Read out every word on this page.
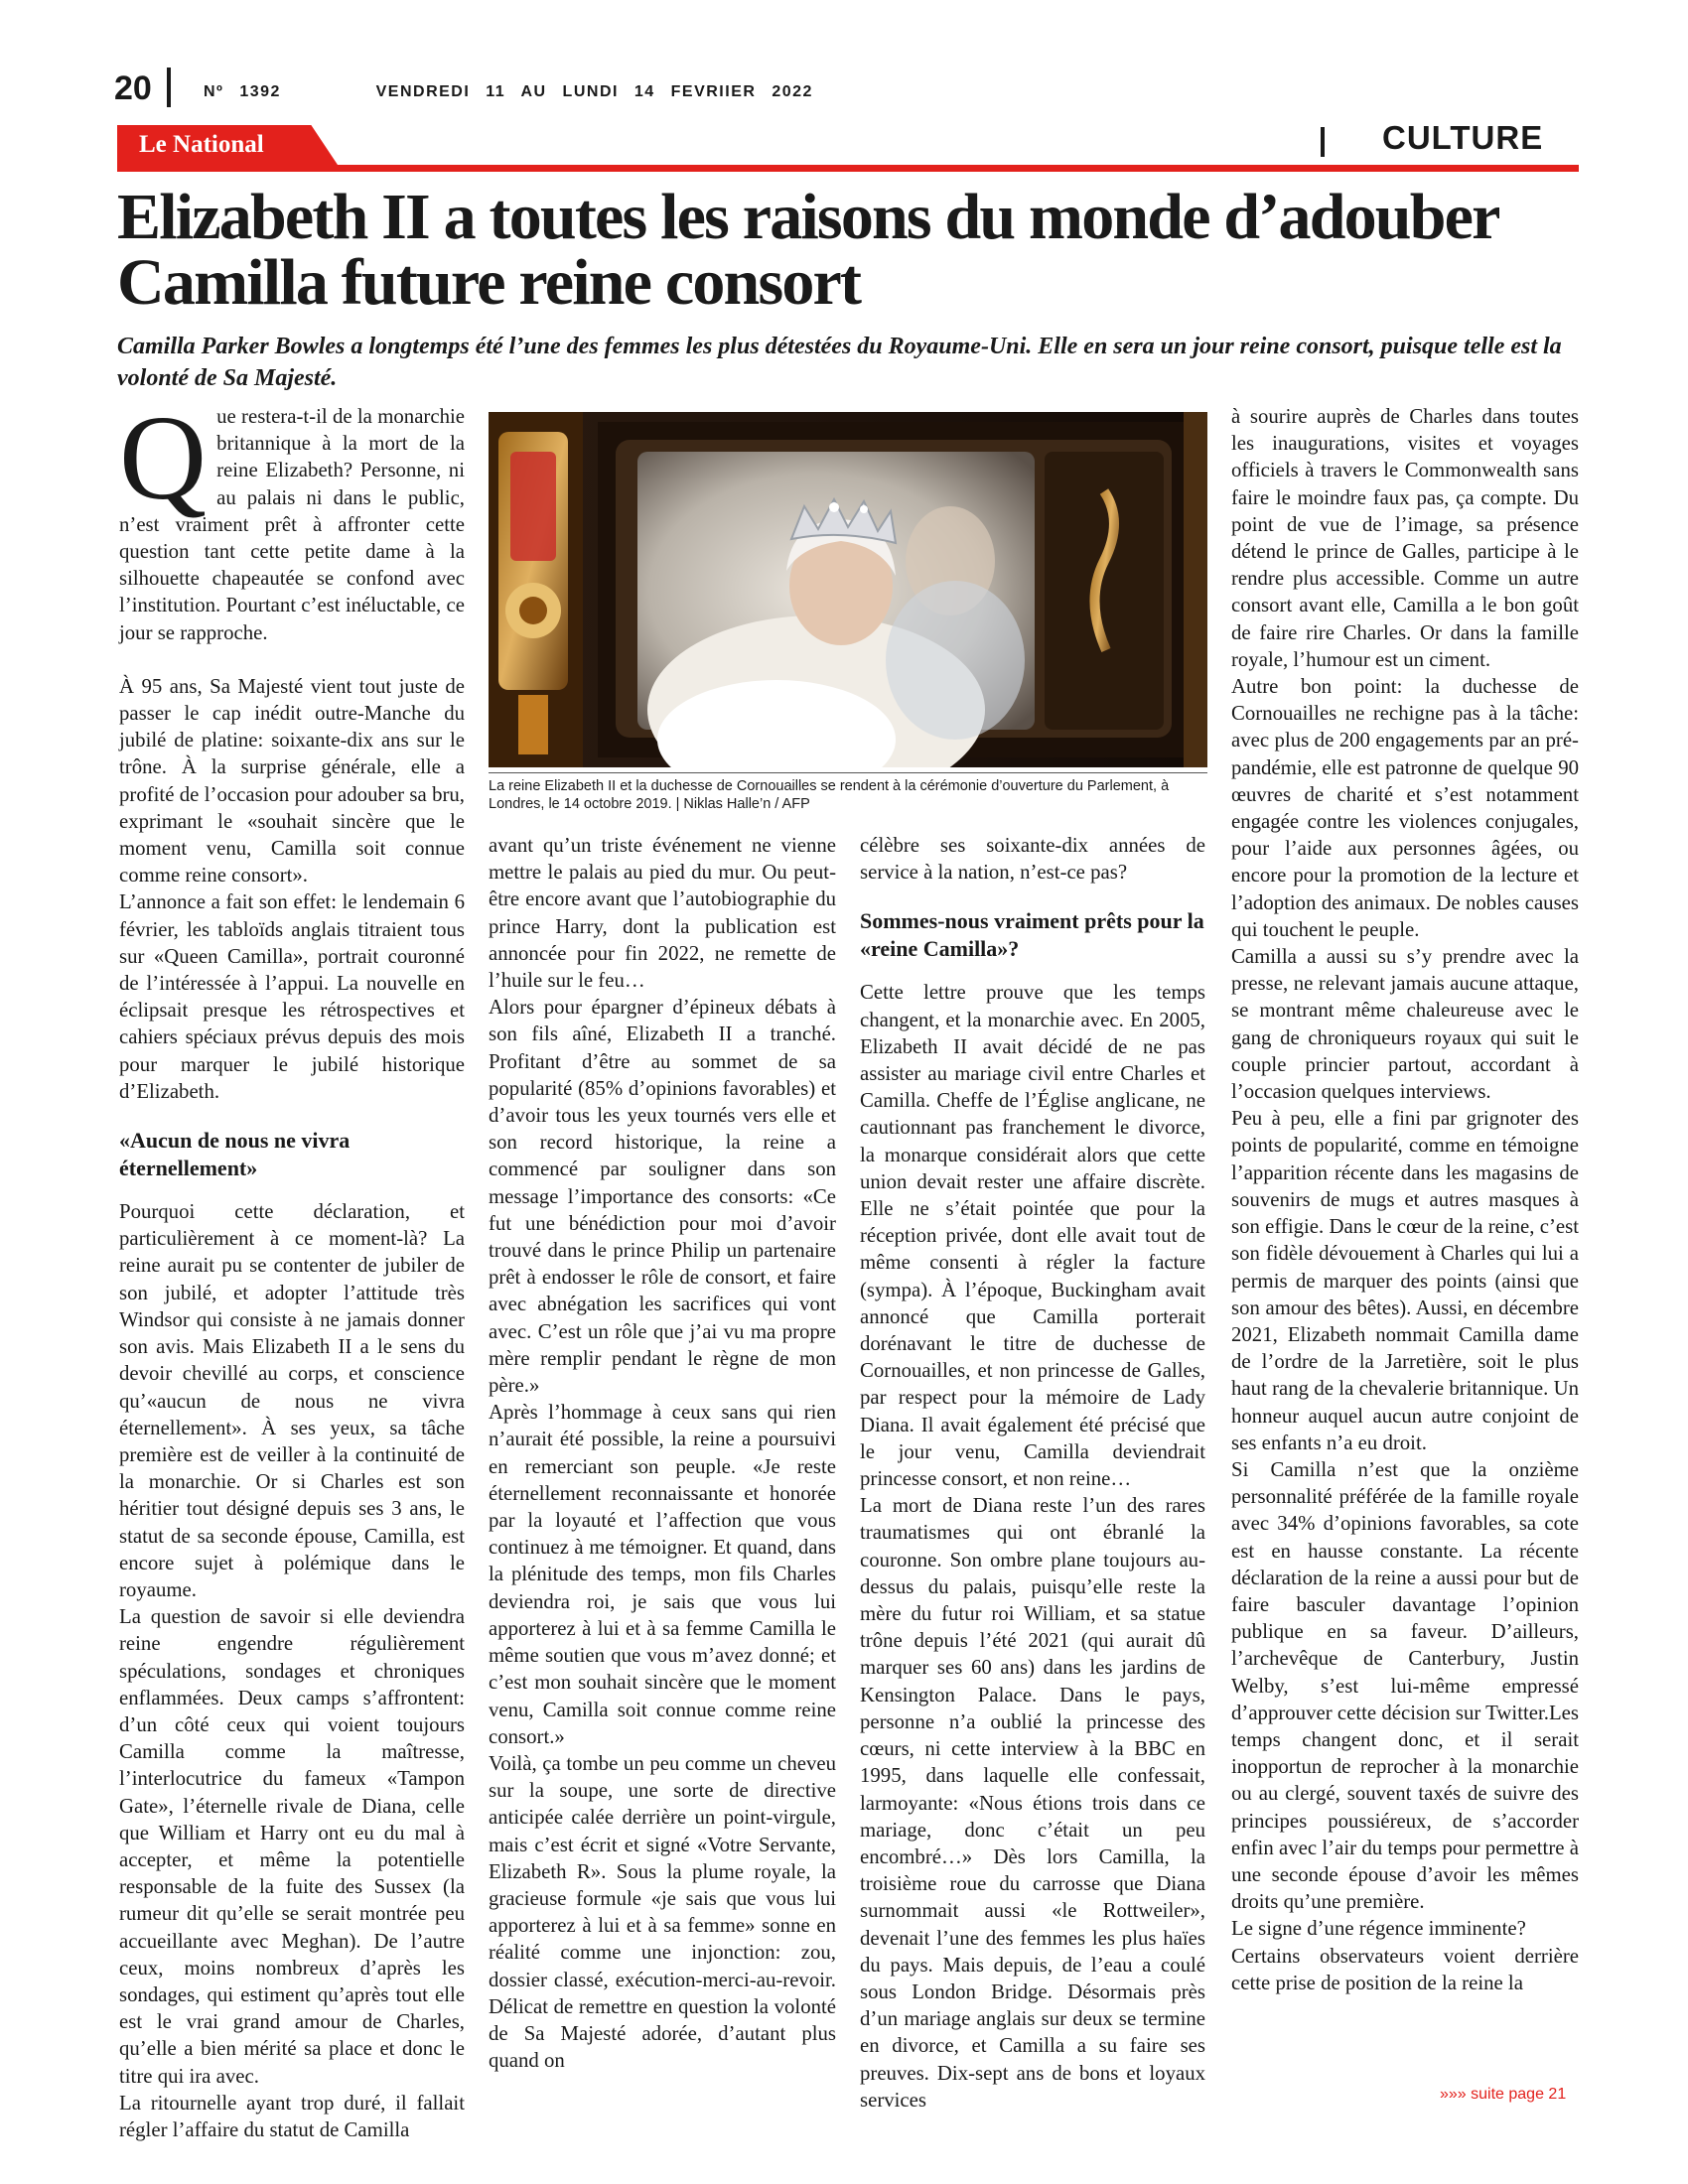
20	Nº 1392	VENDREDI 11 AU LUNDI 14 FEVRIIER 2022
Le National	CULTURE
Elizabeth II a toutes les raisons du monde d’adouber
Camilla future reine consort
Camilla Parker Bowles a longtemps été l’une des femmes les plus détestées du Royaume-Uni. Elle en sera un jour reine consort, puisque telle est la volonté de Sa Majesté.
La reine Elizabeth II et la duchesse de Cornouailles se rendent à la cérémonie d’ouverture du Parlement, à Londres, le 14 octobre 2019. | Niklas Halle’n / AFP

Que restera-t-il de la monarchie britannique à la mort de la reine Elizabeth? Personne, ni au palais ni dans le public, n’est vraiment prêt à affronter cette question tant cette petite dame à la silhouette chapeautée se confond avec l’institution. Pourtant c’est inéluctable, ce jour se rapproche.

À 95 ans, Sa Majesté vient tout juste de passer le cap inédit outre-Manche du jubilé de platine: soixante-dix ans sur le trône. À la surprise générale, elle a profité de l’occasion pour adouber sa bru, exprimant le «souhait sincère que le moment venu, Camilla soit connue comme reine consort».

L’annonce a fait son effet: le lendemain 6 février, les tabloïds anglais titraient tous sur «Queen Camilla», portrait couronné de l’intéressée à l’appui. La nouvelle en éclipsait presque les rétrospectives et cahiers spéciaux prévus depuis des mois pour marquer le jubilé historique d’Elizabeth.

«Aucun de nous ne vivra éternellement»

Pourquoi cette déclaration, et particulièrement à ce moment-là? La reine aurait pu se contenter de jubiler de son jubilé, et adopter l’attitude très Windsor qui consiste à ne jamais donner son avis. Mais Elizabeth II a le sens du devoir chevillé au corps, et conscience qu’«aucun de nous ne vivra éternellement». À ses yeux, sa tâche première est de veiller à la continuité de la monarchie. Or si Charles est son héritier tout désigné depuis ses 3 ans, le statut de sa seconde épouse, Camilla, est encore sujet à polémique dans le royaume.

La question de savoir si elle deviendra reine engendre régulièrement spéculations, sondages et chroniques enflammées. Deux camps s’affrontent: d’un côté ceux qui voient toujours Camilla comme la maîtresse, l’interlocutrice du fameux «Tampon Gate», l’éternelle rivale de Diana, celle que William et Harry ont eu du mal à accepter, et même la potentielle responsable de la fuite des Sussex (la rumeur dit qu’elle se serait montrée peu accueillante avec Meghan). De l’autre ceux, moins nombreux d’après les sondages, qui estiment qu’après tout elle est le vrai grand amour de Charles, qu’elle a bien mérité sa place et donc le titre qui ira avec.

La ritournelle ayant trop duré, il fallait régler l’affaire du statut de Camilla

avant qu’un triste événement ne vienne mettre le palais au pied du mur. Ou peut-être encore avant que l’autobiographie du prince Harry, dont la publication est annoncée pour fin 2022, ne remette de l’huile sur le feu…

Alors pour épargner d’épineux débats à son fils aîné, Elizabeth II a tranché. Profitant d’être au sommet de sa popularité (85% d’opinions favorables) et d’avoir tous les yeux tournés vers elle et son record historique, la reine a commencé par souligner dans son message l’importance des consorts: «Ce fut une bénédiction pour moi d’avoir trouvé dans le prince Philip un partenaire prêt à endosser le rôle de consort, et faire avec abnégation les sacrifices qui vont avec. C’est un rôle que j’ai vu ma propre mère remplir pendant le règne de mon père.»

Après l’hommage à ceux sans qui rien n’aurait été possible, la reine a poursuivi en remerciant son peuple. «Je reste éternellement reconnaissante et honorée par la loyauté et l’affection que vous continuez à me témoigner. Et quand, dans la plénitude des temps, mon fils Charles deviendra roi, je sais que vous lui apporterez à lui et à sa femme Camilla le même soutien que vous m’avez donné; et c’est mon souhait sincère que le moment venu, Camilla soit connue comme reine consort.»

Voilà, ça tombe un peu comme un cheveu sur la soupe, une sorte de directive anticipée calée derrière un point-virgule, mais c’est écrit et signé «Votre Servante, Elizabeth R». Sous la plume royale, la gracieuse formule «je sais que vous lui apporterez à lui et à sa femme» sonne en réalité comme une injonction: zou, dossier classé, exécution-merci-au-revoir. Délicat de remettre en question la volonté de Sa Majesté adorée, d’autant plus quand on

célèbre ses soixante-dix années de service à la nation, n’est-ce pas?

Sommes-nous vraiment prêts pour la «reine Camilla»?

Cette lettre prouve que les temps changent, et la monarchie avec. En 2005, Elizabeth II avait décidé de ne pas assister au mariage civil entre Charles et Camilla. Cheffe de l’Église anglicane, ne cautionnant pas franchement le divorce, la monarque considérait alors que cette union devait rester une affaire discrète. Elle ne s’était pointée que pour la réception privée, dont elle avait tout de même consenti à régler la facture (sympa). À l’époque, Buckingham avait annoncé que Camilla porterait dorénavant le titre de duchesse de Cornouailles, et non princesse de Galles, par respect pour la mémoire de Lady Diana. Il avait également été précisé que le jour venu, Camilla deviendrait princesse consort, et non reine…

La mort de Diana reste l’un des rares traumatismes qui ont ébranlé la couronne. Son ombre plane toujours au-dessus du palais, puisqu’elle reste la mère du futur roi William, et sa statue trône depuis l’été 2021 (qui aurait dû marquer ses 60 ans) dans les jardins de Kensington Palace. Dans le pays, personne n’a oublié la princesse des cœurs, ni cette interview à la BBC en 1995, dans laquelle elle confessait, larmoyante: «Nous étions trois dans ce mariage, donc c’était un peu encombré…» Dès lors Camilla, la troisième roue du carrosse que Diana surnommait aussi «le Rottweiler», devenait l’une des femmes les plus haïes du pays. Mais depuis, de l’eau a coulé sous London Bridge. Désormais près d’un mariage anglais sur deux se termine en divorce, et Camilla a su faire ses preuves. Dix-sept ans de bons et loyaux services

à sourire auprès de Charles dans toutes les inaugurations, visites et voyages officiels à travers le Commonwealth sans faire le moindre faux pas, ça compte. Du point de vue de l’image, sa présence détend le prince de Galles, participe à le rendre plus accessible. Comme un autre consort avant elle, Camilla a le bon goût de faire rire Charles. Or dans la famille royale, l’humour est un ciment.

Autre bon point: la duchesse de Cornouailles ne rechigne pas à la tâche: avec plus de 200 engagements par an pré-pandémie, elle est patronne de quelque 90 œuvres de charité et s’est notamment engagée contre les violences conjugales, pour l’aide aux personnes âgées, ou encore pour la promotion de la lecture et l’adoption des animaux. De nobles causes qui touchent le peuple.

Camilla a aussi su s’y prendre avec la presse, ne relevant jamais aucune attaque, se montrant même chaleureuse avec le gang de chroniqueurs royaux qui suit le couple princier partout, accordant à l’occasion quelques interviews.

Peu à peu, elle a fini par grignoter des points de popularité, comme en témoigne l’apparition récente dans les magasins de souvenirs de mugs et autres masques à son effigie. Dans le cœur de la reine, c’est son fidèle dévouement à Charles qui lui a permis de marquer des points (ainsi que son amour des bêtes). Aussi, en décembre 2021, Elizabeth nommait Camilla dame de l’ordre de la Jarretière, soit le plus haut rang de la chevalerie britannique. Un honneur auquel aucun autre conjoint de ses enfants n’a eu droit.

Si Camilla n’est que la onzième personnalité préférée de la famille royale avec 34% d’opinions favorables, sa cote est en hausse constante. La récente déclaration de la reine a aussi pour but de faire basculer davantage l’opinion publique en sa faveur. D’ailleurs, l’archevêque de Canterbury, Justin Welby, s’est lui-même empressé d’approuver cette décision sur Twitter.Les temps changent donc, et il serait inopportun de reprocher à la monarchie ou au clergé, souvent taxés de suivre des principes poussiéreux, de s’accorder enfin avec l’air du temps pour permettre à une seconde épouse d’avoir les mêmes droits qu’une première.

Le signe d’une régence imminente?

Certains observateurs voient derrière cette prise de position de la reine la

»»» suite page 21
